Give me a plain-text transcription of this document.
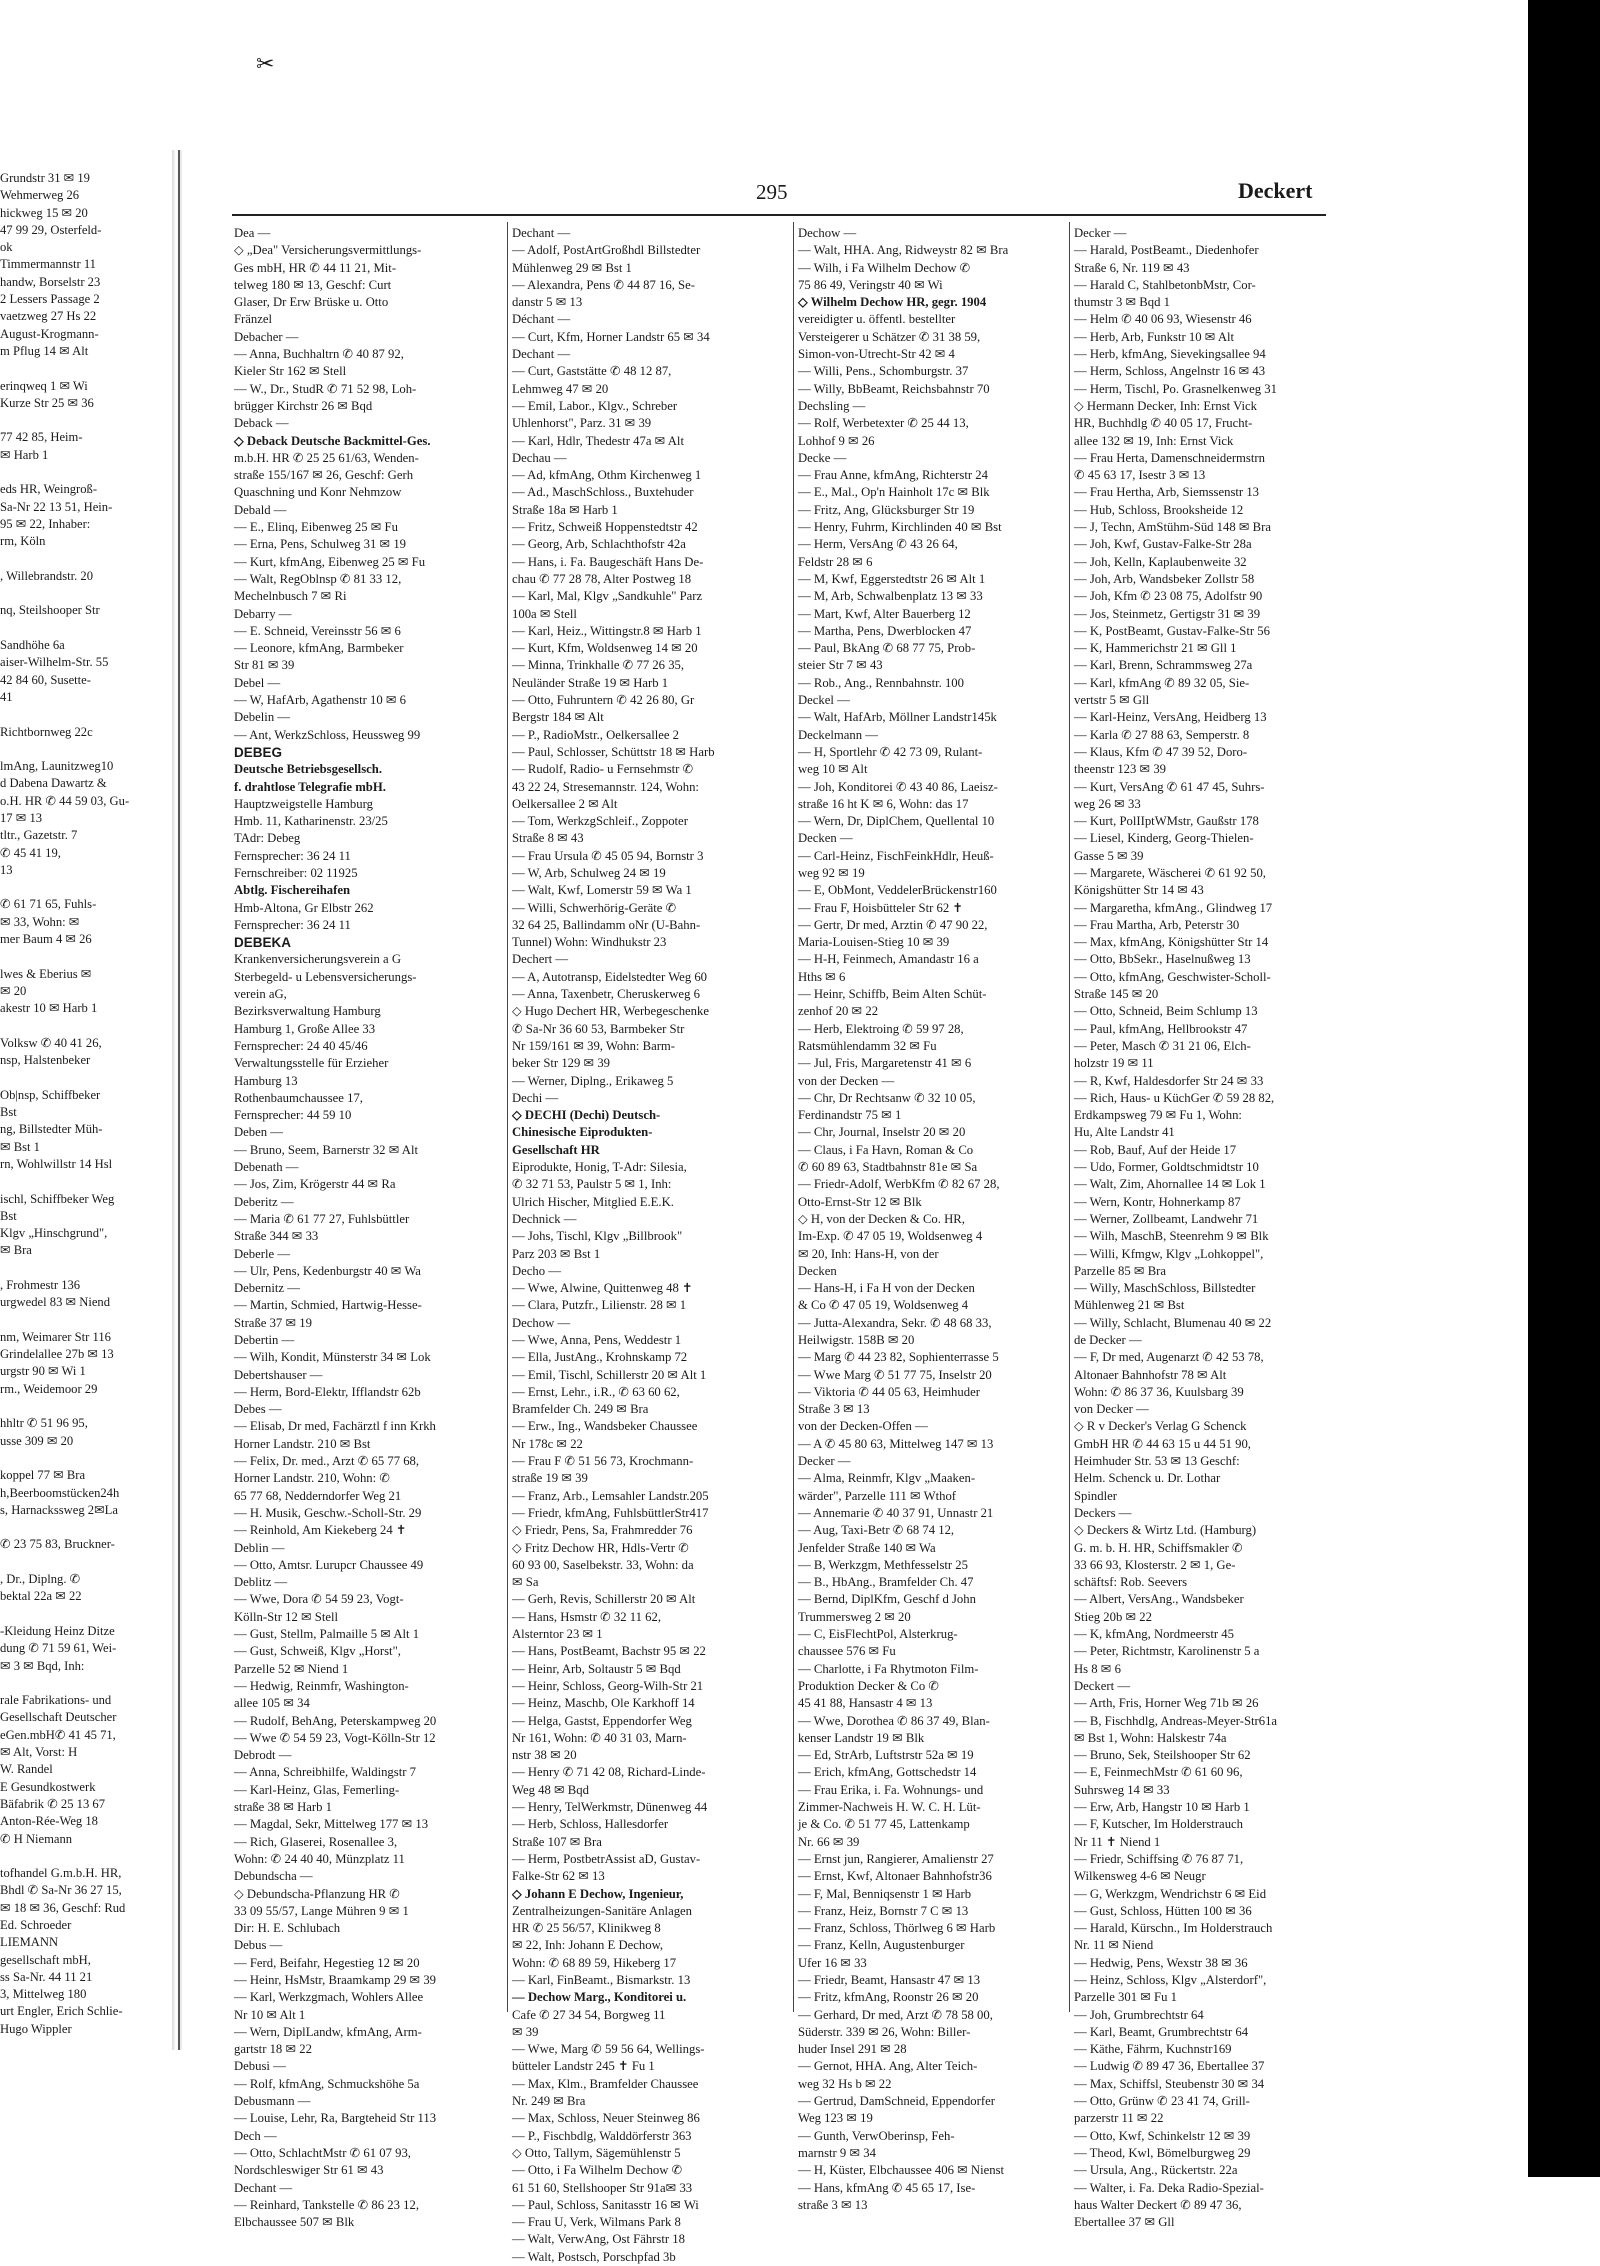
Grundstr 31 ✉ 19
Wehmerweg 26
hickweg 15 ✉ 20
47 99 29, Osterfeld-
ok
Timmermannstr 11
handw, Borselstr 23
2 Lessers Passage 2
vaetzweg 27 Hs 22
August-Krogmann-
m Pflug 14 ✉ Alt

erinqweq 1 ✉ Wi
Kurze Str 25 ✉ 36

77 42 85, Heim-
✉ Harb 1

eds HR, Weingroß-
Sa-Nr 22 13 51, Hein-
95 ✉ 22, Inhaber:
rm, Köln

, Willebrandstr. 20

nq, Steilshooper Str

Sandhöhe 6a
aiser-Wilhelm-Str. 55
42 84 60, Susette-
41

Richtbornweg 22c

lmAng, Launitzweg10
d Dabena Dawartz &
o.H. HR ✆ 44 59 03, Gu-
17 ✉ 13
tltr., Gazetstr. 7
✆ 45 41 19,
13

✆ 61 71 65, Fuhls-
✉ 33, Wohn: ✉
mer Baum 4 ✉ 26

lwes & Eberius ✉
✉ 20
akestr 10 ✉ Harb 1

Volksw ✆ 40 41 26,
nsp, Halstenbeker

Ob|nsp, Schiffbeker
Bst
ng, Billstedter Müh-
✉ Bst 1
rn, Wohlwillstr 14 Hsl

ischl, Schiffbeker Weg
Bst
Klgv „Hinschgrund",
✉ Bra

, Frohmestr 136
urgwedel 83 ✉ Niend

nm, Weimarer Str 116
Grindelallee 27b ✉ 13
urgstr 90 ✉ Wi 1
rm., Weidemoor 29

hhltr ✆ 51 96 95,
usse 309 ✉ 20

koppel 77 ✉ Bra
h,Beerboomstücken24h
s, Harnackssweg 2✉La

✆ 23 75 83, Bruckner-

, Dr., Diplng. ✆
bektal 22a ✉ 22

-Kleidung Heinz Ditze
dung ✆ 71 59 61, Wei-
✉ 3 ✉ Bqd, Inh:

rale Fabrikations- und
Gesellschaft Deutscher
eGen.mbH✆ 41 45 71,
✉ Alt, Vorst: H
W. Randel
E Gesundkostwerk
Bäfabrik ✆ 25 13 67
Anton-Rée-Weg 18
✆ H Niemann

tofhandel G.m.b.H. HR,
Bhdl ✆ Sa-Nr 36 27 15,
✉ 18 ✉ 36, Geschf: Rud
Ed. Schroeder
LIEMANN
gesellschaft mbH,
ss Sa-Nr. 44 11 21
3, Mittelweg 180
urt Engler, Erich Schlie-
Hugo Wippler
✂
295	Deckert
Dea —
◇ „Dea" Versicherungsvermittlungs-
Ges mbH, HR ✆ 44 11 21, Mit-
telweg 180 ✉ 13, Geschf: Curt
Glaser, Dr Erw Brüske u. Otto
Fränzel
Debacher —
— Anna, Buchhaltrn ✆ 40 87 92,
Kieler Str 162 ✉ Stell
— W., Dr., StudR ✆ 71 52 98, Loh-
brügger Kirchstr 26 ✉ Bqd
Deback —
◇ Deback Deutsche Backmittel-Ges.
m.b.H. HR ✆ 25 25 61/63, Wenden-
straße 155/167 ✉ 26, Geschf: Gerh
Quaschning und Konr Nehmzow
Debald —
— E., Elinq, Eibenweg 25 ✉ Fu
— Erna, Pens, Schulweg 31 ✉ 19
— Kurt, kfmAng, Eibenweg 25 ✉ Fu
— Walt, RegOblnsp ✆ 81 33 12,
Mechelnbusch 7 ✉ Ri
Debarry —
— E. Schneid, Vereinsstr 56 ✉ 6
— Leonore, kfmAng, Barmbeker
Str 81 ✉ 39
Debel —
— W, HafArb, Agathenstr 10 ✉ 6
Debelin —
— Ant, WerkzSchloss, Heussweg 99
DEBEG
Deutsche Betriebsgesellsch.
f. drahtlose Telegrafie mbH.
Hauptzweigstelle Hamburg
Hmb. 11, Katharinenstr. 23/25
TAdr: Debeg
Fernsprecher: 36 24 11
Fernschreiber: 02 11925
Abtlg. Fischereihafen
Hmb-Altona, Gr Elbstr 262
Fernsprecher: 36 24 11
DEBEKA
Krankenversicherungsverein a G
Sterbegeld- u Lebensversicherungs-
verein aG,
Bezirksverwaltung Hamburg
Hamburg 1, Große Allee 33
Fernsprecher: 24 40 45/46
Verwaltungsstelle für Erzieher
Hamburg 13
Rothenbaumchaussee 17,
Fernsprecher: 44 59 10
Deben —
— Bruno, Seem, Barnerstr 32 ✉ Alt
Debenath —
— Jos, Zim, Krögerstr 44 ✉ Ra
Deberitz —
— Maria ✆ 61 77 27, Fuhlsbüttler
Straße 344 ✉ 33
Deberle —
— Ulr, Pens, Kedenburgstr 40 ✉ Wa
Debernitz —
— Martin, Schmied, Hartwig-Hesse-
Straße 37 ✉ 19
Debertin —
— Wilh, Kondit, Münsterstr 34 ✉ Lok
Debertshauser —
— Herm, Bord-Elektr, Ifflandstr 62b
Debes —
— Elisab, Dr med, Fachärztl f inn Krkh
Horner Landstr. 210 ✉ Bst
— Felix, Dr. med., Arzt ✆ 65 77 68,
Horner Landstr. 210, Wohn: ✆
65 77 68, Nedderndorfer Weg 21
— H. Musik, Geschw.-Scholl-Str. 29
— Reinhold, Am Kiekeberg 24 ✝
Deblin —
— Otto, Amtsr. Lurupcr Chaussee 49
Deblitz —
— Wwe, Dora ✆ 54 59 23, Vogt-
Kölln-Str 12 ✉ Stell
— Gust, Stellm, Palmaille 5 ✉ Alt 1
— Gust, Schweiß, Klgv „Horst",
Parzelle 52 ✉ Niend 1
— Hedwig, Reinmfr, Washington-
allee 105 ✉ 34
— Rudolf, BehAng, Peterskampweg 20
— Wwe ✆ 54 59 23, Vogt-Kölln-Str 12
Debrodt —
— Anna, Schreibhilfe, Waldingstr 7
— Karl-Heinz, Glas, Femerling-
straße 38 ✉ Harb 1
— Magdal, Sekr, Mittelweg 177 ✉ 13
— Rich, Glaserei, Rosenallee 3,
Wohn: ✆ 24 40 40, Münzplatz 11
Debundscha —
◇ Debundscha-Pflanzung HR ✆
33 09 55/57, Lange Mühren 9 ✉ 1
Dir: H. E. Schlubach
Debus —
— Ferd, Beifahr, Hegestieg 12 ✉ 20
— Heinr, HsMstr, Braamkamp 29 ✉ 39
— Karl, Werkzgmach, Wohlers Allee
Nr 10 ✉ Alt 1
— Wern, DiplLandw, kfmAng, Arm-
gartstr 18 ✉ 22
Debusi —
— Rolf, kfmAng, Schmuckshöhe 5a
Debusmann —
— Louise, Lehr, Ra, Bargteheid Str 113
Dech —
— Otto, SchlachtMstr ✆ 61 07 93,
Nordschleswiger Str 61 ✉ 43
Dechant —
— Reinhard, Tankstelle ✆ 86 23 12,
Elbchaussee 507 ✉ Blk
Dechant —
— Adolf, PostArtGroßhdl Billstedter
Mühlenweg 29 ✉ Bst 1
— Alexandra, Pens ✆ 44 87 16, Se-
danstr 5 ✉ 13
Déchant —
— Curt, Kfm, Horner Landstr 65 ✉ 34
Dechant —
— Curt, Gaststätte ✆ 48 12 87,
Lehmweg 47 ✉ 20
— Emil, Labor., Klgv., Schreber
Uhlenhorst", Parz. 31 ✉ 39
— Karl, Hdlr, Thedestr 47a ✉ Alt
Dechau —
— Ad, kfmAng, Othm Kirchenweg 1
— Ad., MaschSchloss., Buxtehuder
Straße 18a ✉ Harb 1
— Fritz, Schweiß Hoppenstedtstr 42
— Georg, Arb, Schlachthofstr 42a
— Hans, i. Fa. Baugeschäft Hans De-
chau ✆ 77 28 78, Alter Postweg 18
— Karl, Mal, Klgv „Sandkuhle" Parz
100a ✉ Stell
— Karl, Heiz., Wittingstr.8 ✉ Harb 1
— Kurt, Kfm, Woldsenweg 14 ✉ 20
— Minna, Trinkhalle ✆ 77 26 35,
Neuländer Straße 19 ✉ Harb 1
— Otto, Fuhruntern ✆ 42 26 80, Gr
Bergstr 184 ✉ Alt
— P., RadioMstr., Oelkersallee 2
— Paul, Schlosser, Schüttstr 18 ✉ Harb
— Rudolf, Radio- u Fernsehmstr ✆
43 22 24, Stresemannstr. 124, Wohn:
Oelkersallee 2 ✉ Alt
— Tom, WerkzgSchleif., Zoppoter
Straße 8 ✉ 43
— Frau Ursula ✆ 45 05 94, Bornstr 3
— W, Arb, Schulweg 24 ✉ 19
— Walt, Kwf, Lomerstr 59 ✉ Wa 1
— Willi, Schwerhörig-Geräte ✆
32 64 25, Ballindamm oNr (U-Bahn-
Tunnel) Wohn: Windhukstr 23
Dechert —
— A, Autotransp, Eidelstedter Weg 60
— Anna, Taxenbetr, Cheruskerweg 6
◇ Hugo Dechert HR, Werbegeschenke
✆ Sa-Nr 36 60 53, Barmbeker Str
Nr 159/161 ✉ 39, Wohn: Barm-
beker Str 129 ✉ 39
— Werner, Diplng., Erikaweg 5
Dechi —
◇ DECHI (Dechi) Deutsch-
Chinesische Eiprodukten-
Gesellschaft HR
Eiprodukte, Honig, T-Adr: Silesia,
✆ 32 71 53, Paulstr 5 ✉ 1, Inh:
Ulrich Hischer, Mitglied E.E.K.
Dechnick —
— Johs, Tischl, Klgv „Billbrook"
Parz 203 ✉ Bst 1
Decho —
— Wwe, Alwine, Quittenweg 48 ✝
— Clara, Putzfr., Lilienstr. 28 ✉ 1
Dechow —
— Wwe, Anna, Pens, Weddestr 1
— Ella, JustAng., Krohnskamp 72
— Emil, Tischl, Schillerstr 20 ✉ Alt 1
— Ernst, Lehr., i.R., ✆ 63 60 62,
Bramfelder Ch. 249 ✉ Bra
— Erw., Ing., Wandsbeker Chaussee
Nr 178c ✉ 22
— Frau F ✆ 51 56 73, Krochmann-
straße 19 ✉ 39
— Franz, Arb., Lemsahler Landstr.205
— Friedr, kfmAng, FuhlsbüttlerStr417
◇ Friedr, Pens, Sa, Frahmredder 76
◇ Fritz Dechow HR, Hdls-Vertr ✆
60 93 00, Saselbekstr. 33, Wohn: da
✉ Sa
— Gerh, Revis, Schillerstr 20 ✉ Alt
— Hans, Hsmstr ✆ 32 11 62,
Alsterntor 23 ✉ 1
— Hans, PostBeamt, Bachstr 95 ✉ 22
— Heinr, Arb, Soltaustr 5 ✉ Bqd
— Heinr, Schloss, Georg-Wilh-Str 21
— Heinz, Maschb, Ole Karkhoff 14
— Helga, Gastst, Eppendorfer Weg
Nr 161, Wohn: ✆ 40 31 03, Marn-
nstr 38 ✉ 20
— Henry ✆ 71 42 08, Richard-Linde-
Weg 48 ✉ Bqd
— Henry, TelWerkmstr, Dünenweg 44
— Herb, Schloss, Hallesdorfer
Straße 107 ✉ Bra
— Herm, PostbetrAssist aD, Gustav-
Falke-Str 62 ✉ 13
◇ Johann E Dechow, Ingenieur,
Zentralheizungen-Sanitäre Anlagen
HR ✆ 25 56/57, Klinikweg 8
✉ 22, Inh: Johann E Dechow,
Wohn: ✆ 68 89 59, Hikeberg 17
— Karl, FinBeamt., Bismarkstr. 13
— Dechow Marg., Konditorei u.
Cafe ✆ 27 34 54, Borgweg 11
✉ 39
— Wwe, Marg ✆ 59 56 64, Wellings-
bütteler Landstr 245 ✝ Fu 1
— Max, Klm., Bramfelder Chaussee
Nr. 249 ✉ Bra
— Max, Schloss, Neuer Steinweg 86
— P., Fischbdlg, Walddörferstr 363
◇ Otto, Tallym, Sägemühlenstr 5
— Otto, i Fa Wilhelm Dechow ✆
61 51 60, Stellshooper Str 91a✉ 33
— Paul, Schloss, Sanitasstr 16 ✉ Wi
— Frau U, Verk, Wilmans Park 8
— Walt, VerwAng, Ost Fährstr 18
— Walt, Postsch, Porschpfad 3b
Dechow —
— Walt, HHA. Ang, Ridweystr 82 ✉ Bra
— Wilh, i Fa Wilhelm Dechow ✆
75 86 49, Veringstr 40 ✉ Wi
◇ Wilhelm Dechow HR, gegr. 1904
vereidigter u. öffentl. bestellter
Versteigerer u Schätzer ✆ 31 38 59,
Simon-von-Utrecht-Str 42 ✉ 4
— Willi, Pens., Schomburgstr. 37
— Willy, BbBeamt, Reichsbahnstr 70
Dechsling —
— Rolf, Werbetexter ✆ 25 44 13,
Lohhof 9 ✉ 26
Decke —
— Frau Anne, kfmAng, Richterstr 24
— E., Mal., Op'n Hainholt 17c ✉ Blk
— Fritz, Ang, Glücksburger Str 19
— Henry, Fuhrm, Kirchlinden 40 ✉ Bst
— Herm, VersAng ✆ 43 26 64,
Feldstr 28 ✉ 6
— M, Kwf, Eggerstedtstr 26 ✉ Alt 1
— M, Arb, Schwalbenplatz 13 ✉ 33
— Mart, Kwf, Alter Bauerberg 12
— Martha, Pens, Dwerblocken 47
— Paul, BkAng ✆ 68 77 75, Prob-
steier Str 7 ✉ 43
— Rob., Ang., Rennbahnstr. 100
Deckel —
— Walt, HafArb, Möllner Landstr145k
Deckelmann —
— H, Sportlehr ✆ 42 73 09, Rulant-
weg 10 ✉ Alt
— Joh, Konditorei ✆ 43 40 86, Laeisz-
straße 16 ht K ✉ 6, Wohn: das 17
— Wern, Dr, DiplChem, Quellental 10
Decken —
— Carl-Heinz, FischFeinkHdlr, Heuß-
weg 92 ✉ 19
— E, ObMont, VeddelerBrückenstr160
— Frau F, Hoisbütteler Str 62 ✝
— Gertr, Dr med, Arztin ✆ 47 90 22,
Maria-Louisen-Stieg 10 ✉ 39
— H-H, Feinmech, Amandastr 16 a
Hths ✉ 6
— Heinr, Schiffb, Beim Alten Schüt-
zenhof 20 ✉ 22
— Herb, Elektroing ✆ 59 97 28,
Ratsmühlendamm 32 ✉ Fu
— Jul, Fris, Margaretenstr 41 ✉ 6
von der Decken —
— Chr, Dr Rechtsanw ✆ 32 10 05,
Ferdinandstr 75 ✉ 1
— Chr, Journal, Inselstr 20 ✉ 20
— Claus, i Fa Havn, Roman & Co
✆ 60 89 63, Stadtbahnstr 81e ✉ Sa
— Friedr-Adolf, WerbKfm ✆ 82 67 28,
Otto-Ernst-Str 12 ✉ Blk
◇ H, von der Decken & Co. HR,
Im-Exp. ✆ 47 05 19, Woldsenweg 4
✉ 20, Inh: Hans-H, von der
Decken
— Hans-H, i Fa H von der Decken
& Co ✆ 47 05 19, Woldsenweg 4
— Jutta-Alexandra, Sekr. ✆ 48 68 33,
Heilwigstr. 158B ✉ 20
— Marg ✆ 44 23 82, Sophienterrasse 5
— Wwe Marg ✆ 51 77 75, Inselstr 20
— Viktoria ✆ 44 05 63, Heimhuder
Straße 3 ✉ 13
von der Decken-Offen —
— A ✆ 45 80 63, Mittelweg 147 ✉ 13
Decker —
— Alma, Reinmfr, Klgv „Maaken-
wärder", Parzelle 111 ✉ Wthof
— Annemarie ✆ 40 37 91, Unnastr 21
— Aug, Taxi-Betr ✆ 68 74 12,
Jenfelder Straße 140 ✉ Wa
— B, Werkzgm, Methfesselstr 25
— B., HbAng., Bramfelder Ch. 47
— Bernd, DiplKfm, Geschf d John
Trummersweg 2 ✉ 20
— C, EisFlechtPol, Alsterkrug-
chaussee 576 ✉ Fu
— Charlotte, i Fa Rhytmoton Film-
Produktion Decker & Co ✆
45 41 88, Hansastr 4 ✉ 13
— Wwe, Dorothea ✆ 86 37 49, Blan-
kenser Landstr 19 ✉ Blk
— Ed, StrArb, Luftstrstr 52a ✉ 19
— Erich, kfmAng, Gottschedstr 14
— Frau Erika, i. Fa. Wohnungs- und
Zimmer-Nachweis H. W. C. H. Lüt-
je & Co. ✆ 51 77 45, Lattenkamp
Nr. 66 ✉ 39
— Ernst jun, Rangierer, Amalienstr 27
— Ernst, Kwf, Altonaer Bahnhofstr36
— F, Mal, Benniqsenstr 1 ✉ Harb
— Franz, Heiz, Bornstr 7 C ✉ 13
— Franz, Schloss, Thörlweg 6 ✉ Harb
— Franz, Kelln, Augustenburger
Ufer 16 ✉ 33
— Friedr, Beamt, Hansastr 47 ✉ 13
— Fritz, kfmAng, Roonstr 26 ✉ 20
— Gerhard, Dr med, Arzt ✆ 78 58 00,
Süderstr. 339 ✉ 26, Wohn: Biller-
huder Insel 291 ✉ 28
— Gernot, HHA. Ang, Alter Teich-
weg 32 Hs b ✉ 22
— Gertrud, DamSchneid, Eppendorfer
Weg 123 ✉ 19
— Gunth, VerwOberinsp, Feh-
marnstr 9 ✉ 34
— H, Küster, Elbchaussee 406 ✉ Nienst
— Hans, kfmAng ✆ 45 65 17, Ise-
straße 3 ✉ 13
Decker —
— Harald, PostBeamt., Diedenhofer
Straße 6, Nr. 119 ✉ 43
— Harald C, StahlbetonbMstr, Cor-
thumstr 3 ✉ Bqd 1
— Helm ✆ 40 06 93, Wiesenstr 46
— Herb, Arb, Funkstr 10 ✉ Alt
— Herb, kfmAng, Sievekingsallee 94
— Herm, Schloss, Angelnstr 16 ✉ 43
— Herm, Tischl, Po. Grasnelkenweg 31
◇ Hermann Decker, Inh: Ernst Vick
HR, Buchhdlg ✆ 40 05 17, Frucht-
allee 132 ✉ 19, Inh: Ernst Vick
— Frau Herta, Damenschneidermstrn
✆ 45 63 17, Isestr 3 ✉ 13
— Frau Hertha, Arb, Siemssenstr 13
— Hub, Schloss, Brooksheide 12
— J, Techn, AmStühm-Süd 148 ✉ Bra
— Joh, Kwf, Gustav-Falke-Str 28a
— Joh, Kelln, Kaplaubenweite 32
— Joh, Arb, Wandsbeker Zollstr 58
— Joh, Kfm ✆ 23 08 75, Adolfstr 90
— Jos, Steinmetz, Gertigstr 31 ✉ 39
— K, PostBeamt, Gustav-Falke-Str 56
— K, Hammerichstr 21 ✉ Gll 1
— Karl, Brenn, Schrammsweg 27a
— Karl, kfmAng ✆ 89 32 05, Sie-
vertstr 5 ✉ Gll
— Karl-Heinz, VersAng, Heidberg 13
— Karla ✆ 27 88 63, Semperstr. 8
— Klaus, Kfm ✆ 47 39 52, Doro-
theenstr 123 ✉ 39
— Kurt, VersAng ✆ 61 47 45, Suhrs-
weg 26 ✉ 33
— Kurt, PolIIptWMstr, Gaußstr 178
— Liesel, Kinderg, Georg-Thielen-
Gasse 5 ✉ 39
— Margarete, Wäscherei ✆ 61 92 50,
Königshütter Str 14 ✉ 43
— Margaretha, kfmAng., Glindweg 17
— Frau Martha, Arb, Peterstr 30
— Max, kfmAng, Königshütter Str 14
— Otto, BbSekr., Haselnußweg 13
— Otto, kfmAng, Geschwister-Scholl-
Straße 145 ✉ 20
— Otto, Schneid, Beim Schlump 13
— Paul, kfmAng, Hellbrookstr 47
— Peter, Masch ✆ 31 21 06, Elch-
holzstr 19 ✉ 11
— R, Kwf, Haldesdorfer Str 24 ✉ 33
— Rich, Haus- u KüchGer ✆ 59 28 82,
Erdkampsweg 79 ✉ Fu 1, Wohn:
Hu, Alte Landstr 41
— Rob, Bauf, Auf der Heide 17
— Udo, Former, Goldtschmidtstr 10
— Walt, Zim, Ahornallee 14 ✉ Lok 1
— Wern, Kontr, Hohnerkamp 87
— Werner, Zollbeamt, Landwehr 71
— Wilh, MaschB, Steenrehm 9 ✉ Blk
— Willi, Kfmgw, Klgv „Lohkoppel",
Parzelle 85 ✉ Bra
— Willy, MaschSchloss, Billstedter
Mühlenweg 21 ✉ Bst
— Willy, Schlacht, Blumenau 40 ✉ 22
de Decker —
— F, Dr med, Augenarzt ✆ 42 53 78,
Altonaer Bahnhofstr 78 ✉ Alt
Wohn: ✆ 86 37 36, Kuulsbarg 39
von Decker —
◇ R v Decker's Verlag G Schenck
GmbH HR ✆ 44 63 15 u 44 51 90,
Heimhuder Str. 53 ✉ 13 Geschf:
Helm. Schenck u. Dr. Lothar
Spindler
Deckers —
◇ Deckers & Wirtz Ltd. (Hamburg)
G. m. b. H. HR, Schiffsmakler ✆
33 66 93, Klosterstr. 2 ✉ 1, Ge-
schäftsf: Rob. Seevers
— Albert, VersAng., Wandsbeker
Stieg 20b ✉ 22
— K, kfmAng, Nordmeerstr 45
— Peter, Richtmstr, Karolinenstr 5 a
Hs 8 ✉ 6
Deckert —
— Arth, Fris, Horner Weg 71b ✉ 26
— B, Fischhdlg, Andreas-Meyer-Str61a
✉ Bst 1, Wohn: Halskestr 74a
— Bruno, Sek, Steilshooper Str 62
— E, FeinmechMstr ✆ 61 60 96,
Suhrsweg 14 ✉ 33
— Erw, Arb, Hangstr 10 ✉ Harb 1
— F, Kutscher, Im Holderstrauch
Nr 11 ✝ Niend 1
— Friedr, Schiffsing ✆ 76 87 71,
Wilkensweg 4-6 ✉ Neugr
— G, Werkzgm, Wendrichstr 6 ✉ Eid
— Gust, Schloss, Hütten 100 ✉ 36
— Harald, Kürschn., Im Holderstrauch
Nr. 11 ✉ Niend
— Hedwig, Pens, Wexstr 38 ✉ 36
— Heinz, Schloss, Klgv „Alsterdorf",
Parzelle 301 ✉ Fu 1
— Joh, Grumbrechtstr 64
— Karl, Beamt, Grumbrechtstr 64
— Käthe, Fährm, Kuchnstr169
— Ludwig ✆ 89 47 36, Ebertallee 37
— Max, Schiffsl, Steubenstr 30 ✉ 34
— Otto, Grünw ✆ 23 41 74, Grill-
parzerstr 11 ✉ 22
— Otto, Kwf, Schinkelstr 12 ✉ 39
— Theod, Kwl, Bömelburgweg 29
— Ursula, Ang., Rückertstr. 22a
— Walter, i. Fa. Deka Radio-Spezial-
haus Walter Deckert ✆ 89 47 36,
Ebertallee 37 ✉ Gll
